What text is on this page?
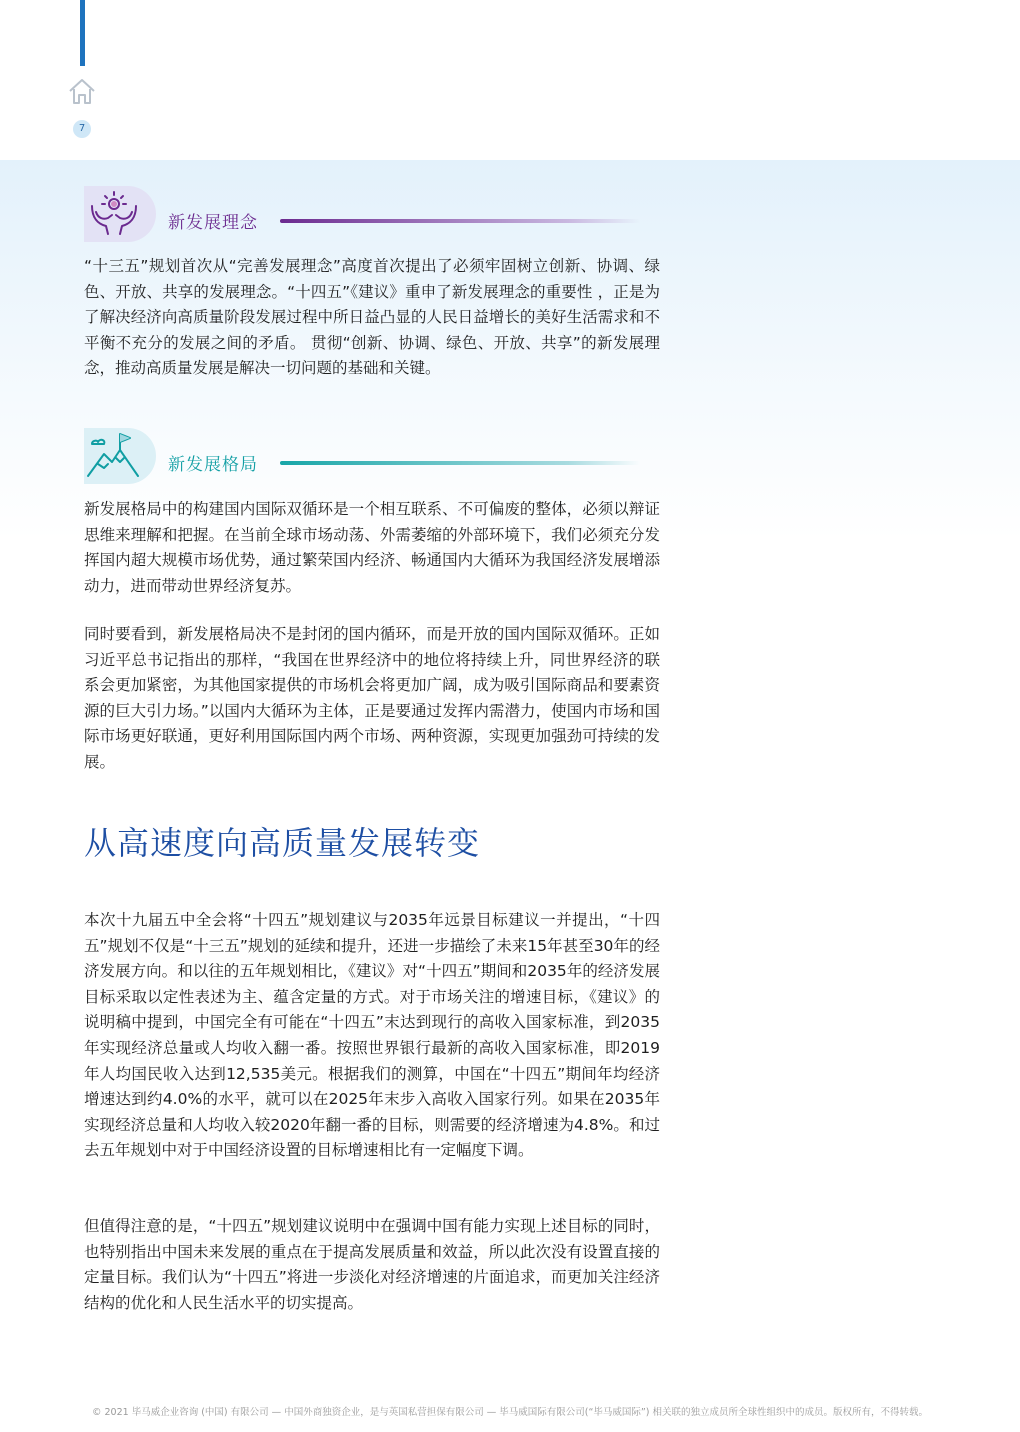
7
新发展理念

“十三五”规划首次从“完善发展理念”高度首次提出了必须牢固树立创新、协调、绿色、开放、共享的发展理念。“十四五”《建议》重申了新发展理念的重要性 ，正是为了解决经济向高质量阶段发展过程中所日益凸显的人民日益增长的美好生活需求和不平衡不充分的发展之间的矛盾。 贯彻“创新、协调、绿色、开放、共享”的新发展理念，推动高质量发展是解决一切问题的基础和关键。

新发展格局

新发展格局中的构建国内国际双循环是一个相互联系、不可偏废的整体，必须以辩证思维来理解和把握。在当前全球市场动荡、外需萎缩的外部环境下，我们必须充分发挥国内超大规模市场优势，通过繁荣国内经济、畅通国内大循环为我国经济发展增添动力，进而带动世界经济复苏。

同时要看到，新发展格局决不是封闭的国内循环，而是开放的国内国际双循环。正如习近平总书记指出的那样，“我国在世界经济中的地位将持续上升，同世界经济的联系会更加紧密，为其他国家提供的市场机会将更加广阔，成为吸引国际商品和要素资源的巨大引力场。”以国内大循环为主体，正是要通过发挥内需潜力，使国内市场和国际市场更好联通，更好利用国际国内两个市场、两种资源，实现更加强劲可持续的发展。

从高速度向高质量发展转变

本次十九届五中全会将“十四五”规划建议与2035年远景目标建议一并提出，“十四五”规划不仅是“十三五”规划的延续和提升，还进一步描绘了未来15年甚至30年的经济发展方向。和以往的五年规划相比，《建议》对“十四五”期间和2035年的经济发展目标采取以定性表述为主、蕴含定量的方式。对于市场关注的增速目标，《建议》的说明稿中提到，中国完全有可能在“十四五”末达到现行的高收入国家标准，到2035年实现经济总量或人均收入翻一番。按照世界银行最新的高收入国家标准，即2019年人均国民收入达到12,535美元。根据我们的测算，中国在“十四五”期间年均经济增速达到约4.0%的水平，就可以在2025年末步入高收入国家行列。如果在2035年实现经济总量和人均收入较2020年翻一番的目标，则需要的经济增速为4.8%。和过去五年规划中对于中国经济设置的目标增速相比有一定幅度下调。

但值得注意的是，“十四五”规划建议说明中在强调中国有能力实现上述目标的同时，也特别指出中国未来发展的重点在于提高发展质量和效益，所以此次没有设置直接的定量目标。我们认为“十四五”将进一步淡化对经济增速的片面追求，而更加关注经济结构的优化和人民生活水平的切实提高。

© 2021 毕马威企业咨询 (中国) 有限公司 — 中国外商独资企业，是与英国私营担保有限公司 — 毕马威国际有限公司(“毕马威国际”) 相关联的独立成员所全球性组织中的成员。版权所有，不得转载。
